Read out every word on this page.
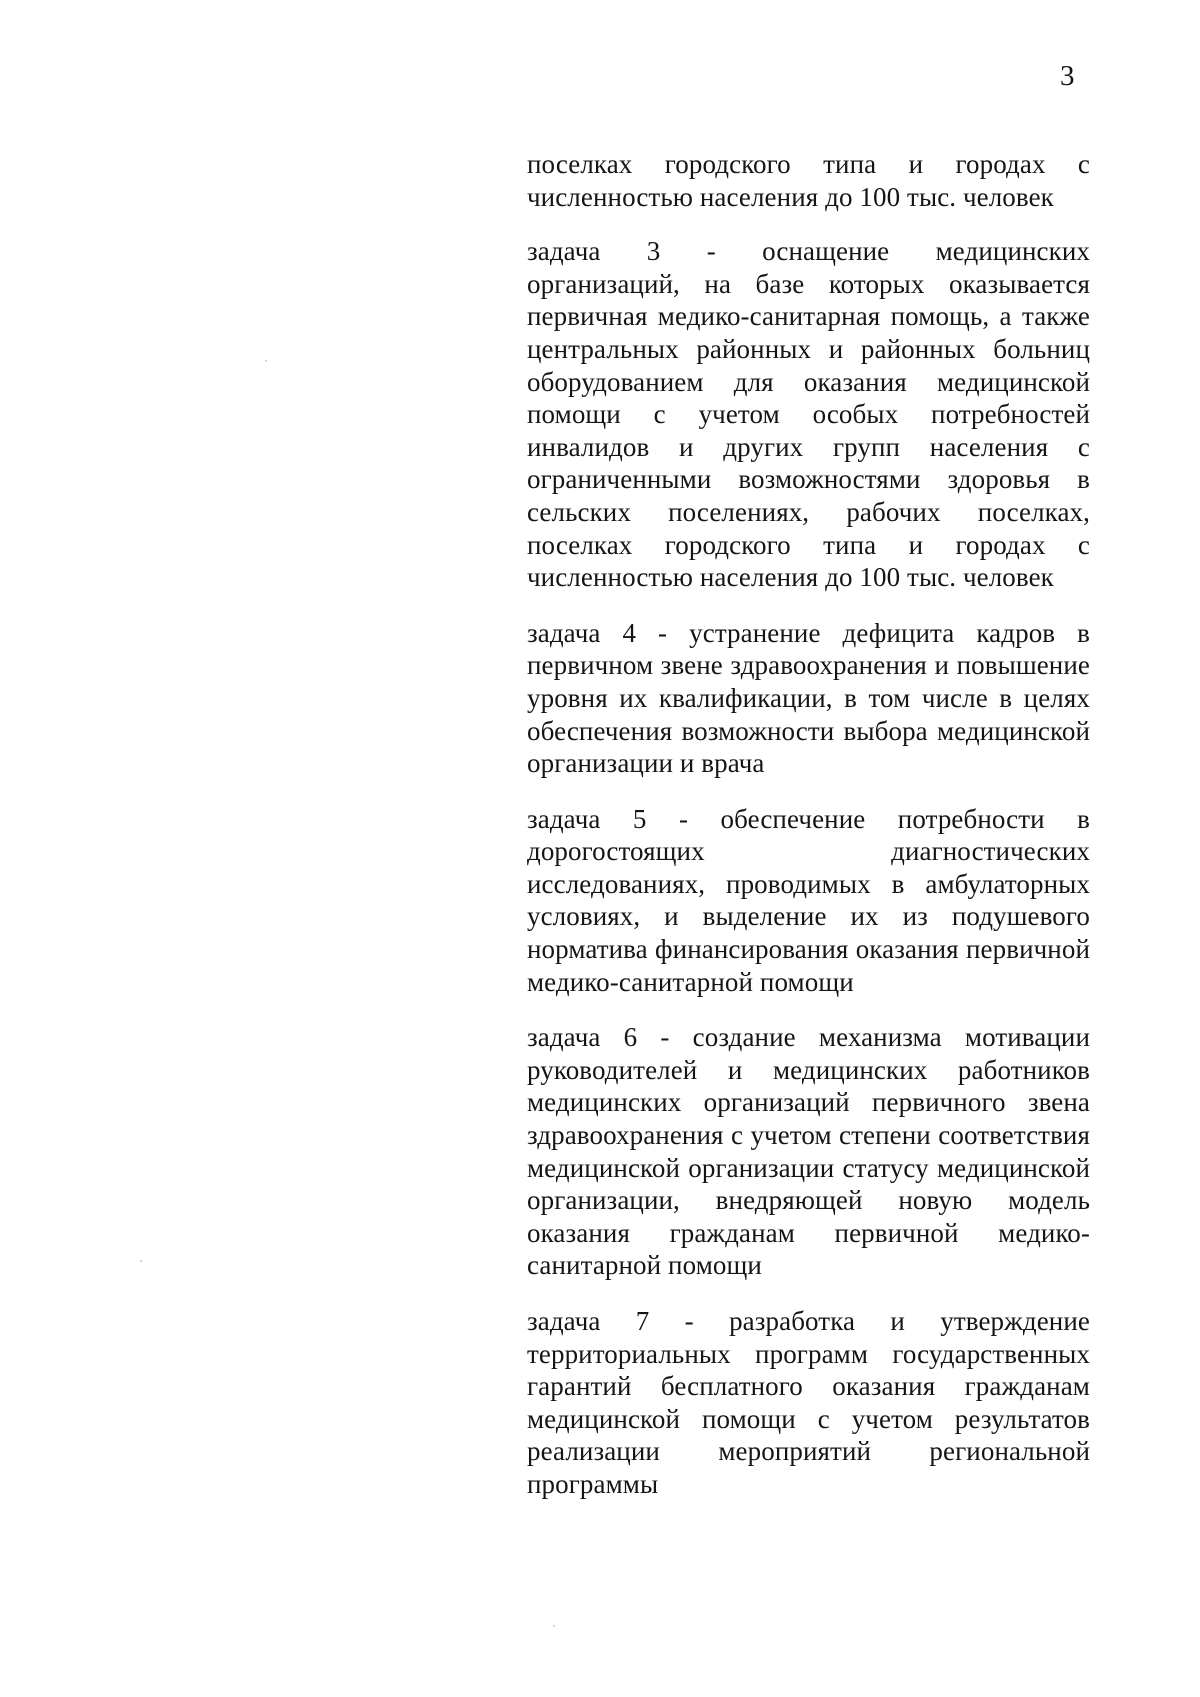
3

поселках городского типа и городах с численностью населения до 100 тыс. человек

задача 3 - оснащение медицинских организаций, на базе которых оказывается первичная медико-санитарная помощь, а также центральных районных и районных больниц оборудованием для оказания медицинской помощи с учетом особых потребностей инвалидов и других групп населения с ограниченными возможностями здоровья в сельских поселениях, рабочих поселках, поселках городского типа и городах с численностью населения до 100 тыс. человек

задача 4 - устранение дефицита кадров в первичном звене здравоохранения и повышение уровня их квалификации, в том числе в целях обеспечения возможности выбора медицинской организации и врача

задача 5 - обеспечение потребности в дорогостоящих диагностических исследованиях, проводимых в амбулаторных условиях, и выделение их из подушевого норматива финансирования оказания первичной медико-санитарной помощи

задача 6 - создание механизма мотивации руководителей и медицинских работников медицинских организаций первичного звена здравоохранения с учетом степени соответствия медицинской организации статусу медицинской организации, внедряющей новую модель оказания гражданам первичной медико-санитарной помощи

задача 7 - разработка и утверждение территориальных программ государственных гарантий бесплатного оказания гражданам медицинской помощи с учетом результатов реализации мероприятий региональной программы
